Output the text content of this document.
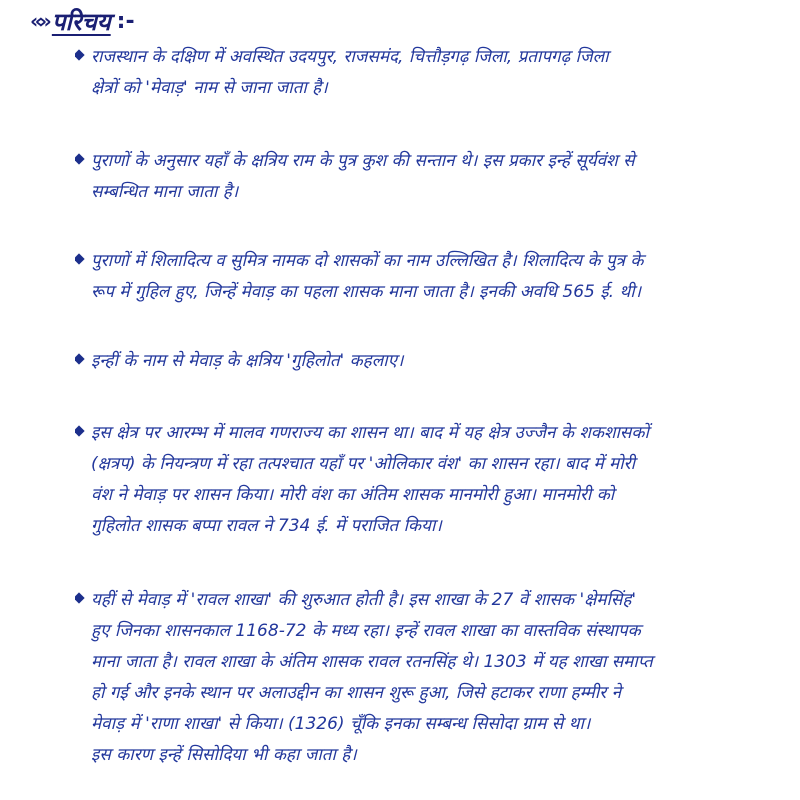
«» परिचय :-
राजस्थान के दक्षिण में अवस्थित उदयपुर, राजसमंद, चित्तौड़गढ़ जिला, प्रतापगढ़ जिला
क्षेत्रों को 'मेवाड़' नाम से जाना जाता है।
पुराणों के अनुसार यहाँ के क्षत्रिय राम के पुत्र कुश की सन्तान थे। इस प्रकार इन्हें सूर्यवंश से
सम्बन्धित माना जाता है।
पुराणों में शिलादित्य व सुमित्र नामक दो शासकों का नाम उल्लिखित है। शिलादित्य के पुत्र के
रूप में गुहिल हुए, जिन्हें मेवाड़ का पहला शासक माना जाता है। इनकी अवधि 565 ई. थी।
इन्हीं के नाम से मेवाड़ के क्षत्रिय 'गुहिलोत' कहलाए।
इस क्षेत्र पर आरम्भ में मालव गणराज्य का शासन था। बाद में यह क्षेत्र उज्जैन के शकशासकों
(क्षत्रप) के नियन्त्रण में रहा तत्पश्चात यहाँ पर 'ओलिकार वंश' का शासन रहा। बाद में मोरी
वंश ने मेवाड़ पर शासन किया। मोरी वंश का अंतिम शासक मानमोरी हुआ। मानमोरी को
गुहिलोत शासक बप्पा रावल ने 734 ई. में पराजित किया।
यहीं से मेवाड़ में 'रावल शाखा' की शुरुआत होती है। इस शाखा के 27 वें शासक 'क्षेमसिंह'
हुए जिनका शासनकाल 1168-72 के मध्य रहा। इन्हें रावल शाखा का वास्तविक संस्थापक
माना जाता है। रावल शाखा के अंतिम शासक रावल रतनसिंह थे। 1303 में यह शाखा समाप्त
हो गई और इनके स्थान पर अलाउद्दीन का शासन शुरू हुआ, जिसे हटाकर राणा हम्मीर ने
मेवाड़ में 'राणा शाखा' से किया। (1326) चूँकि इनका सम्बन्ध सिसोदा ग्राम से था।
इस कारण इन्हें सिसोदिया भी कहा जाता है।
